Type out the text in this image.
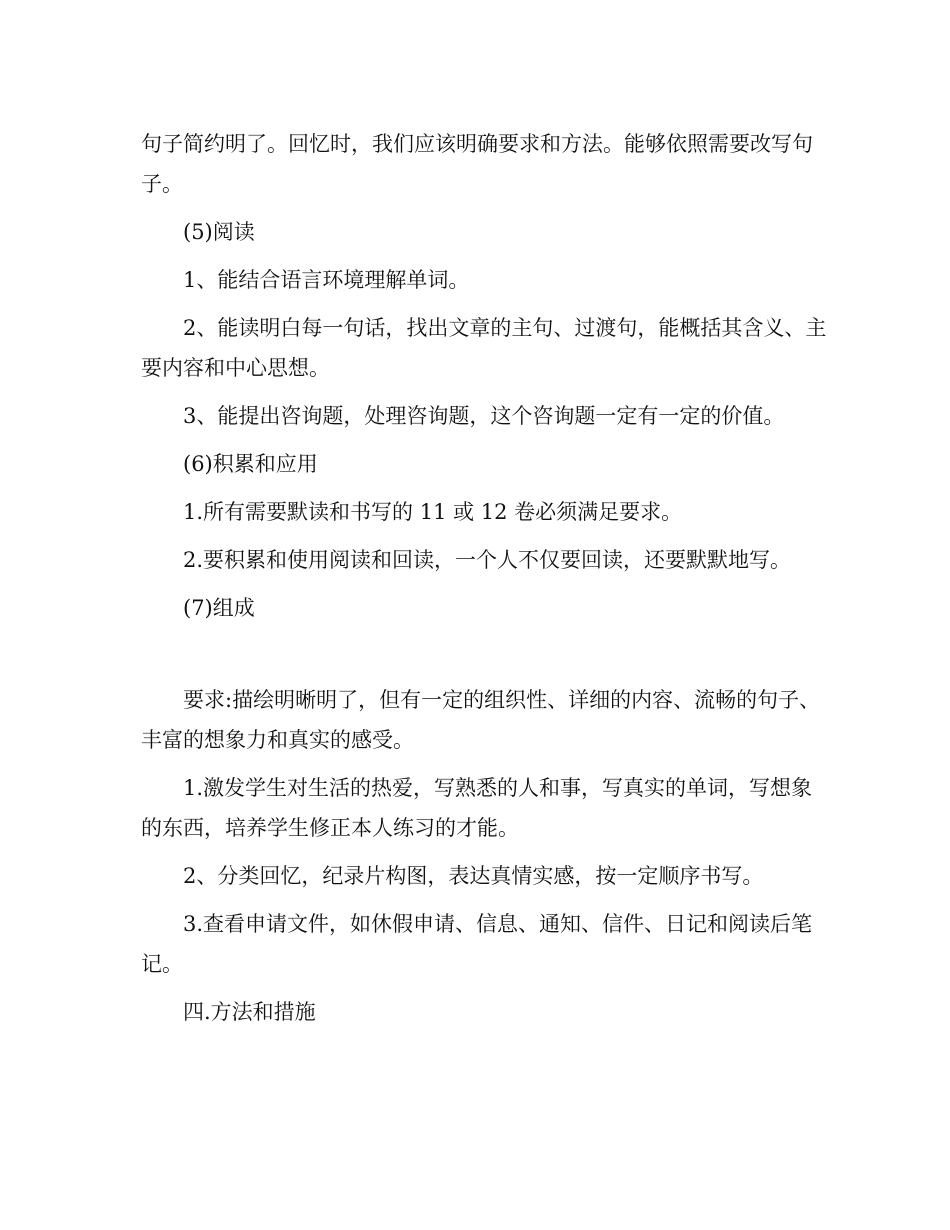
句子简约明了。回忆时，我们应该明确要求和方法。能够依照需要改写句子。

(5)阅读

1、能结合语言环境理解单词。

2、能读明白每一句话，找出文章的主句、过渡句，能概括其含义、主要内容和中心思想。

3、能提出咨询题，处理咨询题，这个咨询题一定有一定的价值。

(6)积累和应用

1.所有需要默读和书写的 11 或 12 卷必须满足要求。

2.要积累和使用阅读和回读，一个人不仅要回读，还要默默地写。

(7)组成

要求:描绘明晰明了，但有一定的组织性、详细的内容、流畅的句子、丰富的想象力和真实的感受。

1.激发学生对生活的热爱，写熟悉的人和事，写真实的单词，写想象的东西，培养学生修正本人练习的才能。

2、分类回忆，纪录片构图，表达真情实感，按一定顺序书写。

3.查看申请文件，如休假申请、信息、通知、信件、日记和阅读后笔记。

四.方法和措施
